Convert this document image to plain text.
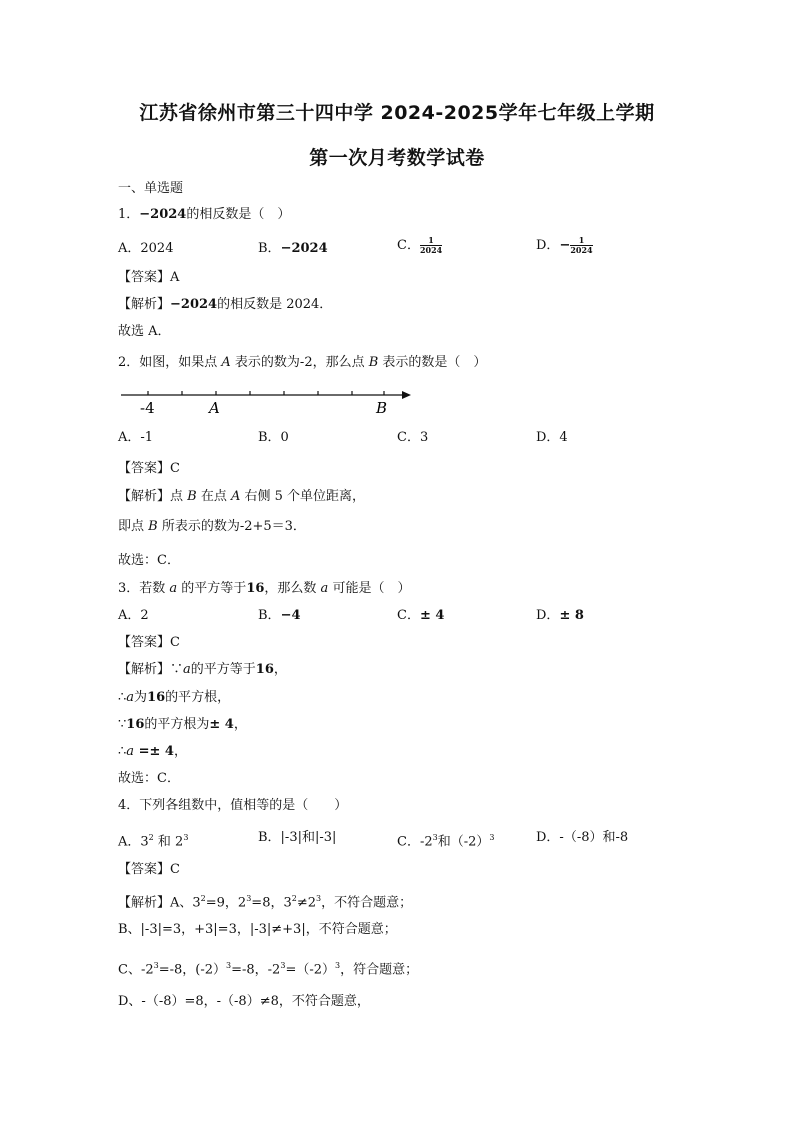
江苏省徐州市第三十四中学 2024-2025学年七年级上学期
第一次月考数学试卷
一、单选题
1．−2024的相反数是（　）
A．2024	B．−2024	C． $\frac{1}{2024}$	D．− $\frac{1}{2024}$
【答案】A
【解析】−2024的相反数是 2024．
故选 A．
2．如图，如果点 A 表示的数为-2，那么点 B 表示的数是（　）
-4	A	B
A．-1	B．0	C．3	D．4
【答案】C
【解析】点 B 在点 A 右侧 5 个单位距离，
即点 B 所表示的数为-2+5＝3．
故选：C．
3．若数 a 的平方等于16，那么数 a 可能是（　）
A．2	B．−4	C．± 4	D．± 8
【答案】C
【解析】∵a的平方等于16，
∴a为16的平方根，
∵16的平方根为± 4，
∴a =± 4，
故选：C．
4．下列各组数中，值相等的是（　　）
A．$3^2$ 和 $2^3$	B．|-3|和|-3|	C．$-2^3$和$(-2)^3$	D．-（-8）和-8
【答案】C
【解析】A、$3^2=9$，$2^3=8$，$3^2\ne 2^3$，不符合题意；
B、|-3|=3，+3|=3，|-3|≠+3|，不符合题意；
C、$-2^3=-8$，(-2）$^3$=-8，$-2^3=(-2)^3$，符合题意；
D、-（-8）=8，-（-8）≠8，不符合题意，
